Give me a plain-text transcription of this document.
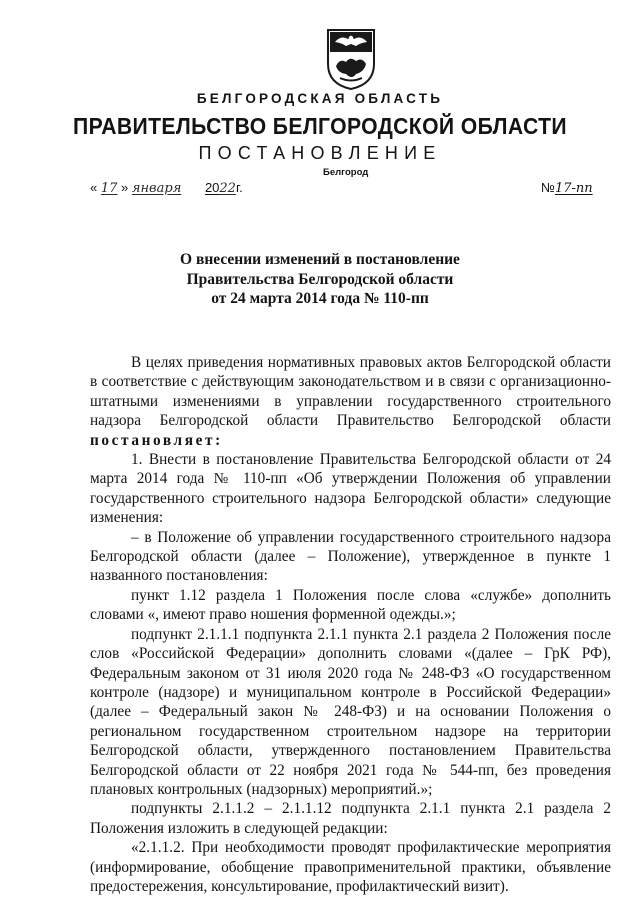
БЕЛГОРОДСКАЯ ОБЛАСТЬ
ПРАВИТЕЛЬСТВО БЕЛГОРОДСКОЙ ОБЛАСТИ
ПОСТАНОВЛЕНИЕ
Белгород
« 17 » января 2022г.	№17-пп
О внесении изменений в постановление
Правительства Белгородской области
от 24 марта 2014 года № 110-пп

В целях приведения нормативных правовых актов Белгородской области в соответствие с действующим законодательством и в связи с организационно-штатными изменениями в управлении государственного строительного надзора Белгородской области Правительство Белгородской области постановляет:

1. Внести в постановление Правительства Белгородской области от 24 марта 2014 года № 110-пп «Об утверждении Положения об управлении государственного строительного надзора Белгородской области» следующие изменения:

– в Положение об управлении государственного строительного надзора Белгородской области (далее – Положение), утвержденное в пункте 1 названного постановления:

пункт 1.12 раздела 1 Положения после слова «службе» дополнить словами «, имеют право ношения форменной одежды.»;

подпункт 2.1.1.1 подпункта 2.1.1 пункта 2.1 раздела 2 Положения после слов «Российской Федерации» дополнить словами «(далее – ГрК РФ), Федеральным законом от 31 июля 2020 года № 248-ФЗ «О государственном контроле (надзоре) и муниципальном контроле в Российской Федерации» (далее – Федеральный закон № 248-ФЗ) и на основании Положения о региональном государственном строительном надзоре на территории Белгородской области, утвержденного постановлением Правительства Белгородской области от 22 ноября 2021 года № 544-пп, без проведения плановых контрольных (надзорных) мероприятий.»;

подпункты 2.1.1.2 – 2.1.1.12 подпункта 2.1.1 пункта 2.1 раздела 2 Положения изложить в следующей редакции:

«2.1.1.2. При необходимости проводят профилактические мероприятия (информирование, обобщение правоприменительной практики, объявление предостережения, консультирование, профилактический визит).
